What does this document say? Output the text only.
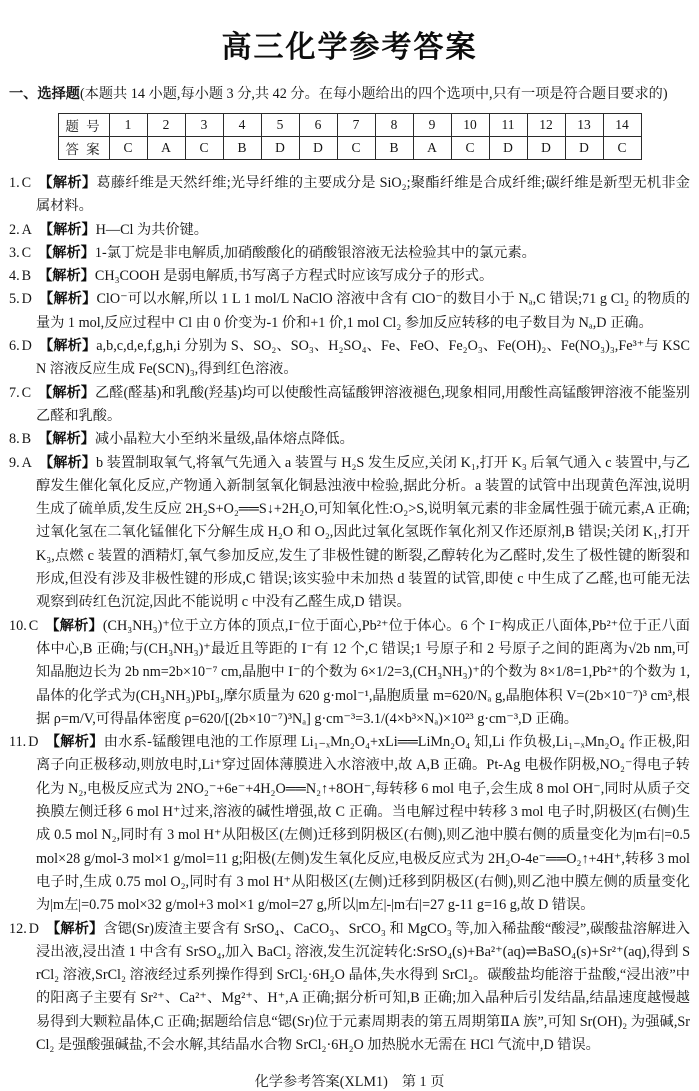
高三化学参考答案

一、选择题(本题共 14 小题,每小题 3 分,共 42 分。在每小题给出的四个选项中,只有一项是符合题目要求的)

题 号	1	2	3	4	5	6	7	8	9	10	11	12	13	14
答 案	C	A	C	B	D	D	C	B	A	C	D	D	D	C

1. C 【解析】葛藤纤维是天然纤维;光导纤维的主要成分是 SiO₂;聚酯纤维是合成纤维;碳纤维是新型无机非金属材料。

2. A 【解析】H—Cl 为共价键。

3. C 【解析】1-氯丁烷是非电解质,加硝酸酸化的硝酸银溶液无法检验其中的氯元素。

4. B 【解析】CH₃COOH 是弱电解质,书写离子方程式时应该写成分子的形式。

5. D 【解析】ClO⁻可以水解,所以 1 L 1 mol/L NaClO 溶液中含有 ClO⁻的数目小于 Nₐ,C 错误;71 g Cl₂ 的物质的量为 1 mol,反应过程中 Cl 由 0 价变为-1 价和+1 价,1 mol Cl₂ 参加反应转移的电子数目为 Nₐ,D 正确。

6. D 【解析】a,b,c,d,e,f,g,h,i 分别为 S、SO₂、SO₃、H₂SO₄、Fe、FeO、Fe₂O₃、Fe(OH)₂、Fe(NO₃)₃,Fe³⁺与 KSCN 溶液反应生成 Fe(SCN)₃,得到红色溶液。

7. C 【解析】乙醛(醛基)和乳酸(羟基)均可以使酸性高锰酸钾溶液褪色,现象相同,用酸性高锰酸钾溶液不能鉴别乙醛和乳酸。

8. B 【解析】减小晶粒大小至纳米量级,晶体熔点降低。

9. A 【解析】b 装置制取氧气,将氧气先通入 a 装置与 H₂S 发生反应,关闭 K₁,打开 K₃ 后氧气通入 c 装置中,与乙醇发生催化氧化反应,产物通入新制氢氧化铜悬浊液中检验,据此分析。a 装置的试管中出现黄色浑浊,说明生成了硫单质,发生反应 2H₂S+O₂══S↓+2H₂O,可知氧化性:O₂>S,说明氧元素的非金属性强于硫元素,A 正确;过氧化氢在二氧化锰催化下分解生成 H₂O 和 O₂,因此过氧化氢既作氧化剂又作还原剂,B 错误;关闭 K₁,打开 K₃,点燃 c 装置的酒精灯,氧气参加反应,发生了非极性键的断裂,乙醇转化为乙醛时,发生了极性键的断裂和形成,但没有涉及非极性键的形成,C 错误;该实验中未加热 d 装置的试管,即使 c 中生成了乙醛,也可能无法观察到砖红色沉淀,因此不能说明 c 中没有乙醛生成,D 错误。

10. C 【解析】(CH₃NH₃)⁺位于立方体的顶点,I⁻位于面心,Pb²⁺位于体心。6 个 I⁻构成正八面体,Pb²⁺位于正八面体中心,B 正确;与(CH₃NH₃)⁺最近且等距的 I⁻有 12 个,C 错误;1 号原子和 2 号原子之间的距离为√2b nm,可知晶胞边长为 2b nm=2b×10⁻⁷ cm,晶胞中 I⁻的个数为 6×1/2=3,(CH₃NH₃)⁺的个数为 8×1/8=1,Pb²⁺的个数为 1,晶体的化学式为(CH₃NH₃)PbI₃,摩尔质量为 620 g·mol⁻¹,晶胞质量 m=620/Nₐ g,晶胞体积 V=(2b×10⁻⁷)³ cm³,根据 ρ=m/V,可得晶体密度 ρ=620/[(2b×10⁻⁷)³Nₐ] g·cm⁻³=3.1/(4×b³×Nₐ)×10²³ g·cm⁻³,D 正确。

11. D 【解析】由水系-锰酸锂电池的工作原理 Li₁₋ₓMn₂O₄+xLi══LiMn₂O₄ 知,Li 作负极,Li₁₋ₓMn₂O₄ 作正极,阳离子向正极移动,则放电时,Li⁺穿过固体薄膜进入水溶液中,故 A,B 正确。Pt-Ag 电极作阴极,NO₂⁻得电子转化为 N₂,电极反应式为 2NO₂⁻+6e⁻+4H₂O══N₂↑+8OH⁻,每转移 6 mol 电子,会生成 8 mol OH⁻,同时从质子交换膜左侧迁移 6 mol H⁺过来,溶液的碱性增强,故 C 正确。当电解过程中转移 3 mol 电子时,阴极区(右侧)生成 0.5 mol N₂,同时有 3 mol H⁺从阳极区(左侧)迁移到阴极区(右侧),则乙池中膜右侧的质量变化为|m右|=0.5 mol×28 g/mol-3 mol×1 g/mol=11 g;阳极(左侧)发生氧化反应,电极反应式为 2H₂O-4e⁻══O₂↑+4H⁺,转移 3 mol 电子时,生成 0.75 mol O₂,同时有 3 mol H⁺从阳极区(左侧)迁移到阴极区(右侧),则乙池中膜左侧的质量变化为|m左|=0.75 mol×32 g/mol+3 mol×1 g/mol=27 g,所以|m左|-|m右|=27 g-11 g=16 g,故 D 错误。

12. D 【解析】含锶(Sr)废渣主要含有 SrSO₄、CaCO₃、SrCO₃ 和 MgCO₃ 等,加入稀盐酸“酸浸”,碳酸盐溶解进入浸出液,浸出渣 1 中含有 SrSO₄,加入 BaCl₂ 溶液,发生沉淀转化:SrSO₄(s)+Ba²⁺(aq)⇌BaSO₄(s)+Sr²⁺(aq),得到 SrCl₂ 溶液,SrCl₂ 溶液经过系列操作得到 SrCl₂·6H₂O 晶体,失水得到 SrCl₂。碳酸盐均能溶于盐酸,“浸出液”中的阳离子主要有 Sr²⁺、Ca²⁺、Mg²⁺、H⁺,A 正确;据分析可知,B 正确;加入晶种后引发结晶,结晶速度越慢越易得到大颗粒晶体,C 正确;据题给信息“锶(Sr)位于元素周期表的第五周期第ⅡA 族”,可知 Sr(OH)₂ 为强碱,SrCl₂ 是强酸强碱盐,不会水解,其结晶水合物 SrCl₂·6H₂O 加热脱水无需在 HCl 气流中,D 错误。

化学参考答案(XLM1) 第 1 页
